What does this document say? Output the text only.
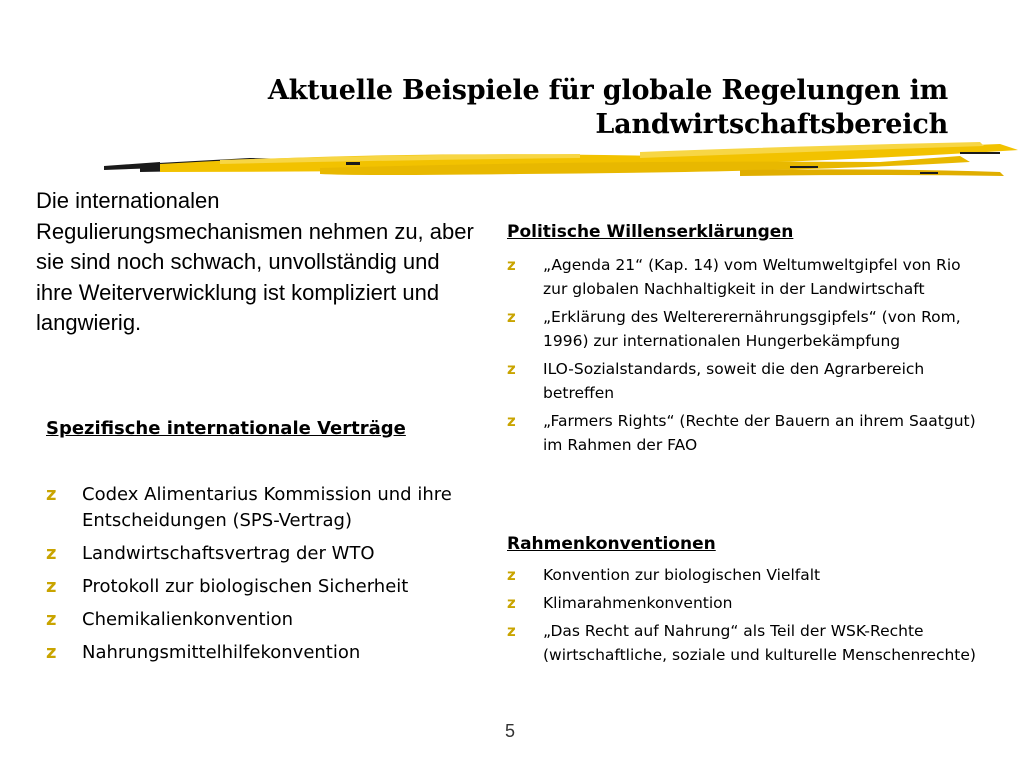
Aktuelle Beispiele für globale Regelungen im
Landwirtschaftsbereich

Die internationalen Regulierungsmechanismen nehmen zu, aber sie sind noch schwach, unvollständig und ihre Weiterverwicklung ist kompliziert und langwierig.

Spezifische internationale Verträge
z Codex Alimentarius Kommission und ihre Entscheidungen (SPS-Vertrag)
z Landwirtschaftsvertrag der WTO
z Protokoll zur biologischen Sicherheit
z Chemikalienkonvention
z Nahrungsmittelhilfekonvention
Politische Willenserklärungen
z „Agenda 21“ (Kap. 14) vom Weltumweltgipfel von Rio zur globalen Nachhaltigkeit in der Landwirtschaft
z „Erklärung des Weltererernährungsgipfels“ (von Rom, 1996) zur internationalen Hungerbekämpfung
z ILO-Sozialstandards, soweit die den Agrarbereich betreffen
z „Farmers Rights“ (Rechte der Bauern an ihrem Saatgut) im Rahmen der FAO
Rahmenkonventionen
z Konvention zur biologischen Vielfalt
z Klimarahmenkonvention
z „Das Recht auf Nahrung“ als Teil der WSK-Rechte (wirtschaftliche, soziale und kulturelle Menschenrechte)
5
